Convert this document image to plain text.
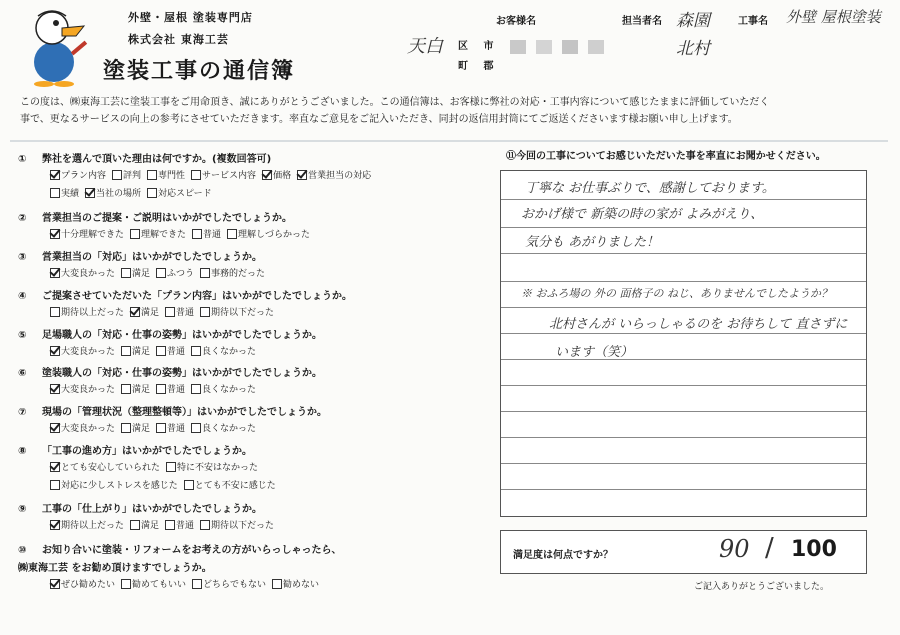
外壁・屋根 塗装専門店
株式会社 東海工芸
塗装工事の通信簿
お客様名
天白 区 市
町 郡
担当者名 森園	工事名 外壁 屋根塗装
北村
この度は、㈱東海工芸に塗装工事をご用命頂き、誠にありがとうございました。この通信簿は、お客様に弊社の対応・工事内容について感じたままに評価していただく
事で、更なるサービスの向上の参考にさせていただきます。率直なご意見をご記入いただき、同封の返信用封筒にてご返送くださいます様お願い申し上げます。
① 弊社を選んで頂いた理由は何ですか。(複数回答可)
プラン内容 評判 専門性 サービス内容 価格 営業担当の対応
実績 当社の場所 対応スピード
② 営業担当のご提案・ご説明はいかがでしたでしょうか。
十分理解できた 理解できた 普通 理解しづらかった
③ 営業担当の「対応」はいかがでしたでしょうか。
大変良かった 満足 ふつう 事務的だった
④ ご提案させていただいた「プラン内容」はいかがでしたでしょうか。
期待以上だった 満足 普通 期待以下だった
⑤ 足場職人の「対応・仕事の姿勢」はいかがでしたでしょうか。
大変良かった 満足 普通 良くなかった
⑥ 塗装職人の「対応・仕事の姿勢」はいかがでしたでしょうか。
大変良かった 満足 普通 良くなかった
⑦ 現場の「管理状況（整理整頓等）」はいかがでしたでしょうか。
大変良かった 満足 普通 良くなかった
⑧ 「工事の進め方」はいかがでしたでしょうか。
とても安心していられた 特に不安はなかった
対応に少しストレスを感じた とても不安に感じた
⑨ 工事の「仕上がり」はいかがでしたでしょうか。
期待以上だった 満足 普通 期待以下だった
⑩ お知り合いに塗装・リフォームをお考えの方がいらっしゃったら、
㈱東海工芸 をお勧め頂けますでしょうか。
ぜひ勧めたい 勧めてもいい どちらでもない 勧めない
⑪今回の工事についてお感じいただいた事を率直にお聞かせください。
丁寧な お仕事ぶりで、感謝しております。
おかげ様で 新築の時の家が よみがえり、
気分も あがりました！
※ おふろ場の 外の 面格子の ねじ、ありませんでしたようか？
北村さんが いらっしゃるのを お待ちして 直さずに
います（笑）
満足度は何点ですか？	90 / 100
ご記入ありがとうございました。
